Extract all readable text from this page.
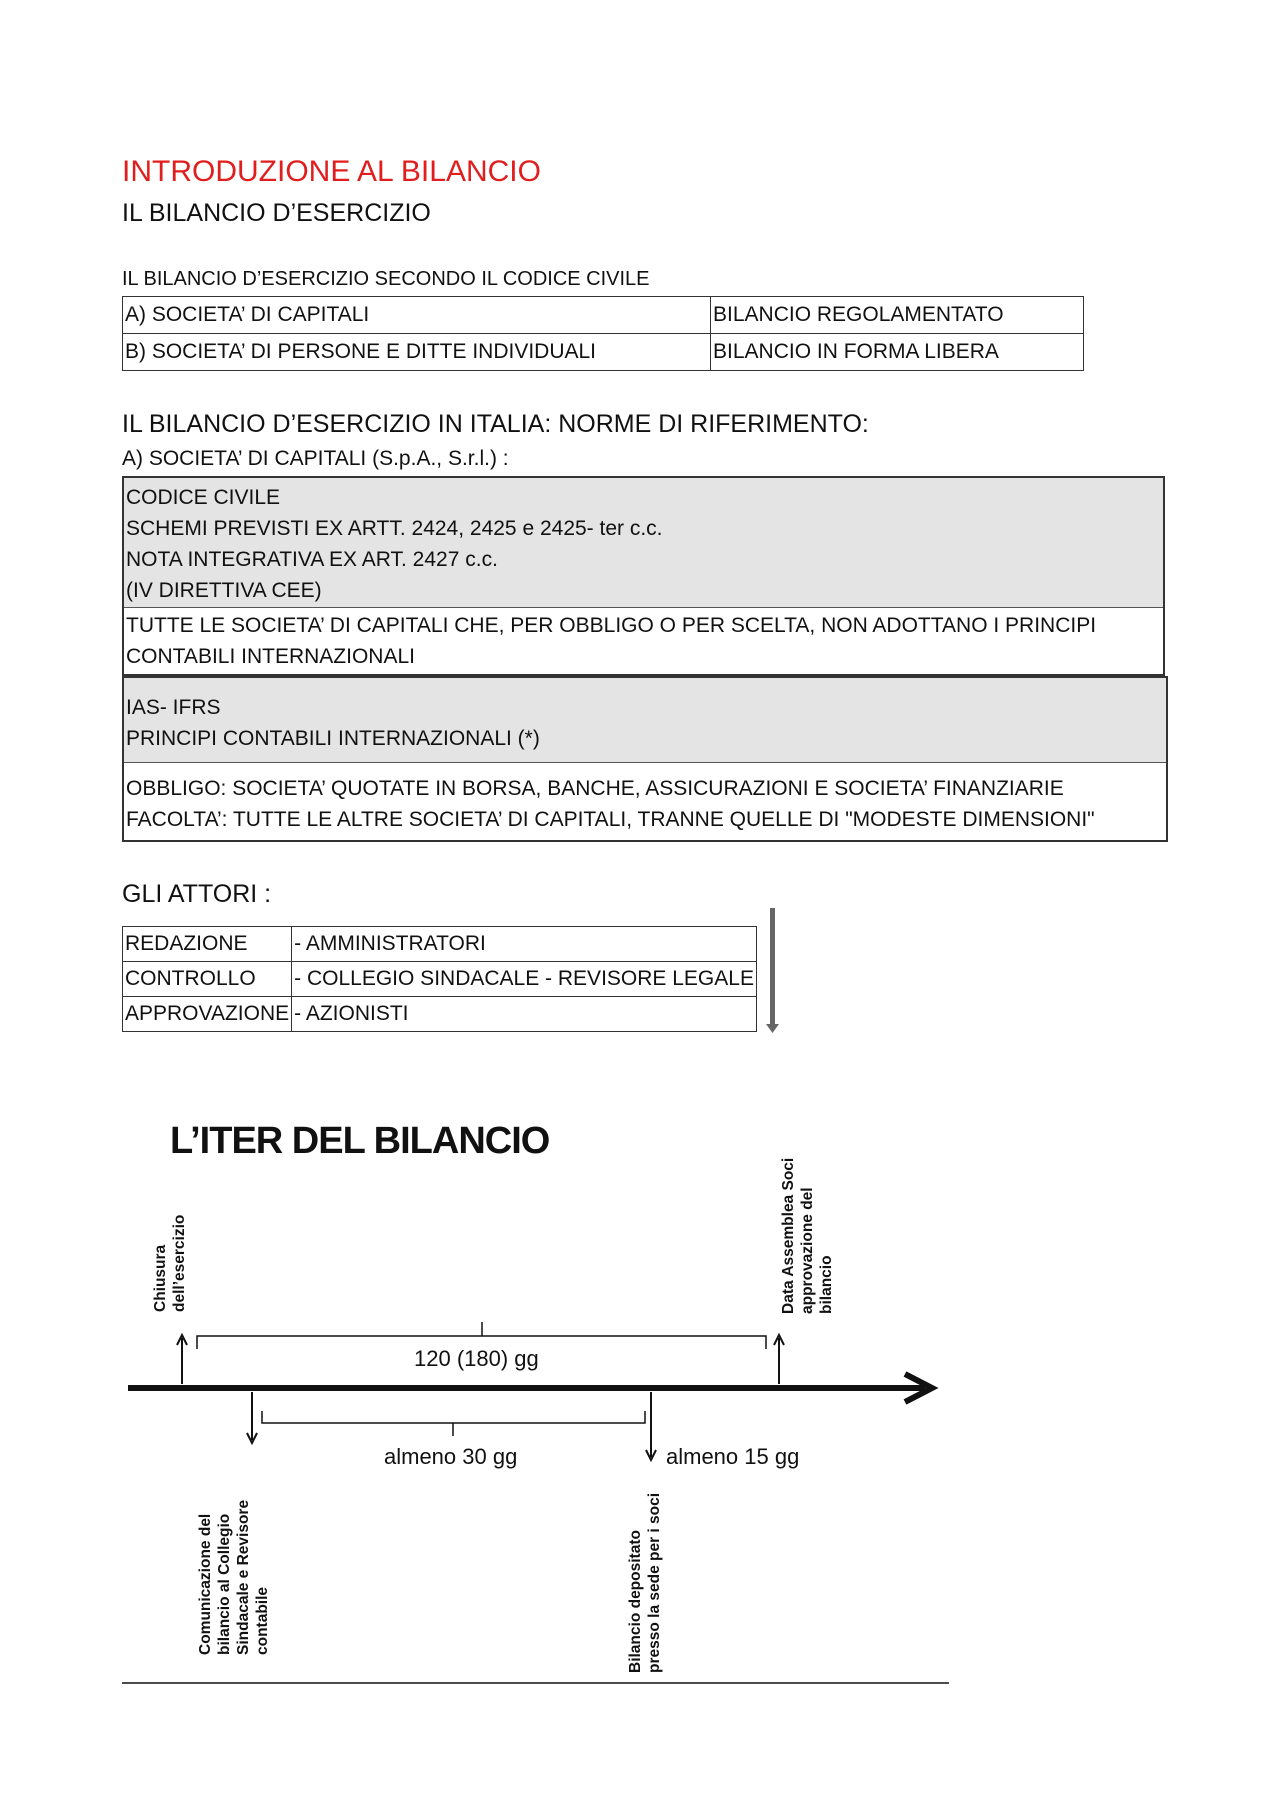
INTRODUZIONE AL BILANCIO
IL BILANCIO D’ESERCIZIO
IL BILANCIO D’ESERCIZIO SECONDO IL CODICE CIVILE
A) SOCIETA’ DI CAPITALI	BILANCIO REGOLAMENTATO
B) SOCIETA’ DI PERSONE E DITTE INDIVIDUALI	BILANCIO IN FORMA LIBERA
IL BILANCIO D’ESERCIZIO IN ITALIA: NORME DI RIFERIMENTO:
A) SOCIETA’ DI CAPITALI (S.p.A., S.r.l.) :
CODICE CIVILE
SCHEMI PREVISTI EX ARTT. 2424, 2425 e 2425- ter c.c.
NOTA INTEGRATIVA EX ART. 2427 c.c.
(IV DIRETTIVA CEE)
TUTTE LE SOCIETA’ DI CAPITALI CHE, PER OBBLIGO O PER SCELTA, NON ADOTTANO I PRINCIPI
CONTABILI INTERNAZIONALI
IAS- IFRS
PRINCIPI CONTABILI INTERNAZIONALI (*)
OBBLIGO: SOCIETA’ QUOTATE IN BORSA, BANCHE, ASSICURAZIONI E SOCIETA’ FINANZIARIE
FACOLTA’: TUTTE LE ALTRE SOCIETA’ DI CAPITALI, TRANNE QUELLE DI "MODESTE DIMENSIONI"
GLI ATTORI :
REDAZIONE	- AMMINISTRATORI
CONTROLLO	- COLLEGIO SINDACALE - REVISORE LEGALE
APPROVAZIONE	- AZIONISTI
L’ITER DEL BILANCIO
Chiusura
dell’esercizio	Data Assemblea Soci
approvazione del
bilancio
Comunicazione del
bilancio al Collegio
Sindacale e Revisore
contabile	Bilancio depositato
presso la sede per i soci
120 (180) gg
almeno 30 gg	almeno 15 gg
